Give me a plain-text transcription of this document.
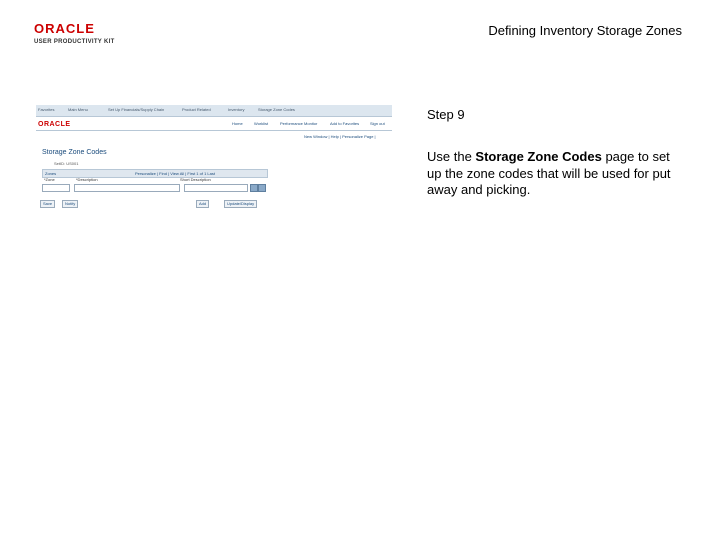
ORACLE
USER PRODUCTIVITY KIT
Defining Inventory Storage Zones
Favorites	Main Menu	Set Up Financials/Supply Chain	Product Related	Inventory	Storage Zone Codes
ORACLE	Home	Worklist	Performance Monitor	Add to Favorites	Sign out
New Window | Help | Personalize Page |
Storage Zone Codes
SetID: US001
Zones	Personalize | Find | View All | First 1 of 1 Last
*Zone	*Description	Short Description
Save	Notify	Add	Update/Display
Step 9
Use the Storage Zone Codes page to set up the zone codes that will be used for put away and picking.
